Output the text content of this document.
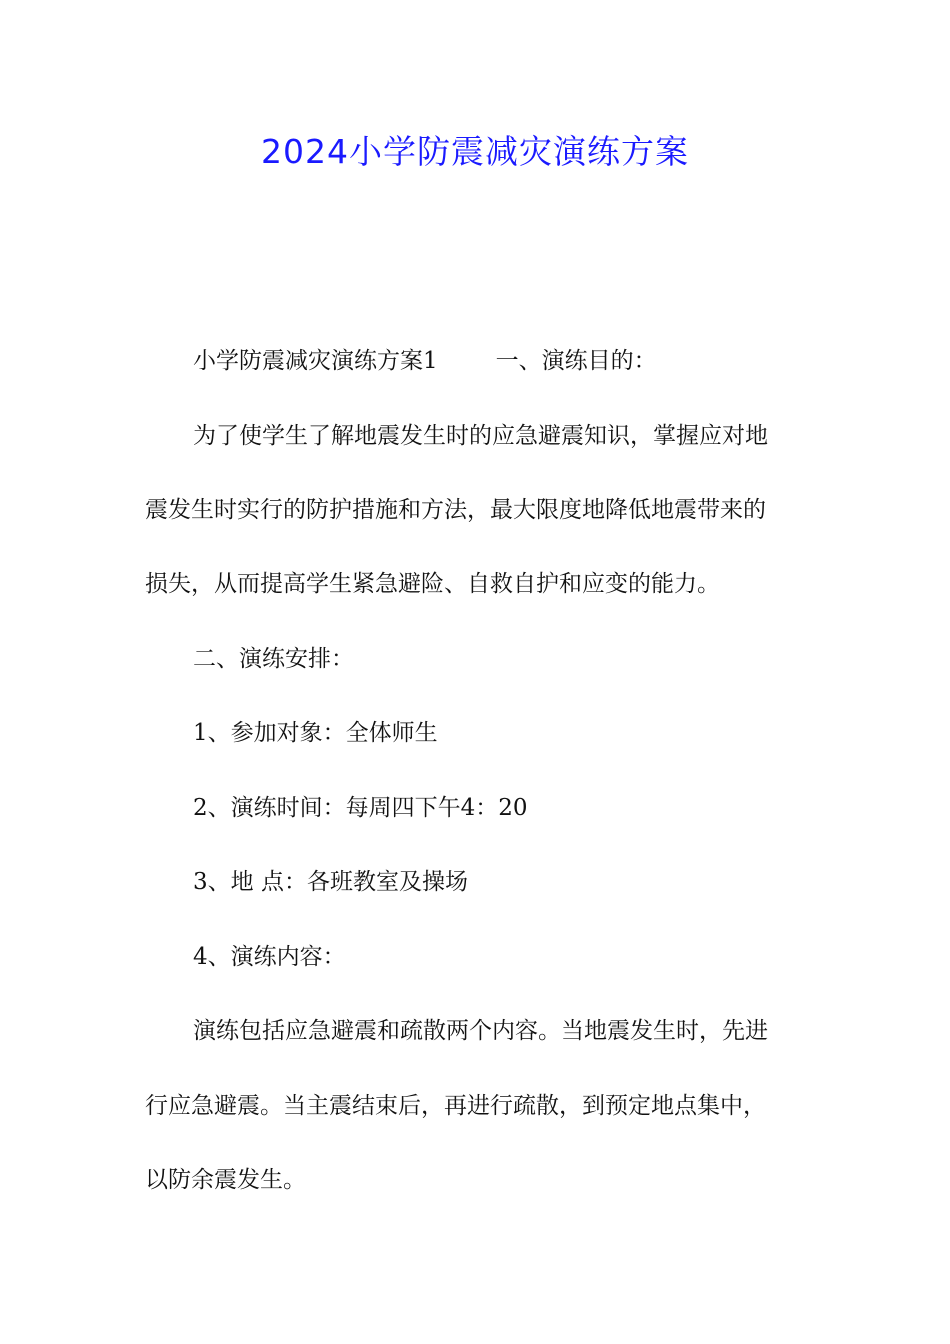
2024小学防震减灾演练方案
小学防震减灾演练方案1	一、演练目的：
为了使学生了解地震发生时的应急避震知识，掌握应对地
震发生时实行的防护措施和方法，最大限度地降低地震带来的
损失，从而提高学生紧急避险、自救自护和应变的能力。
二、演练安排：
1、参加对象：全体师生
2、演练时间：每周四下午4：20
3、地 点：各班教室及操场
4、演练内容：
演练包括应急避震和疏散两个内容。当地震发生时，先进
行应急避震。当主震结束后，再进行疏散，到预定地点集中，
以防余震发生。
